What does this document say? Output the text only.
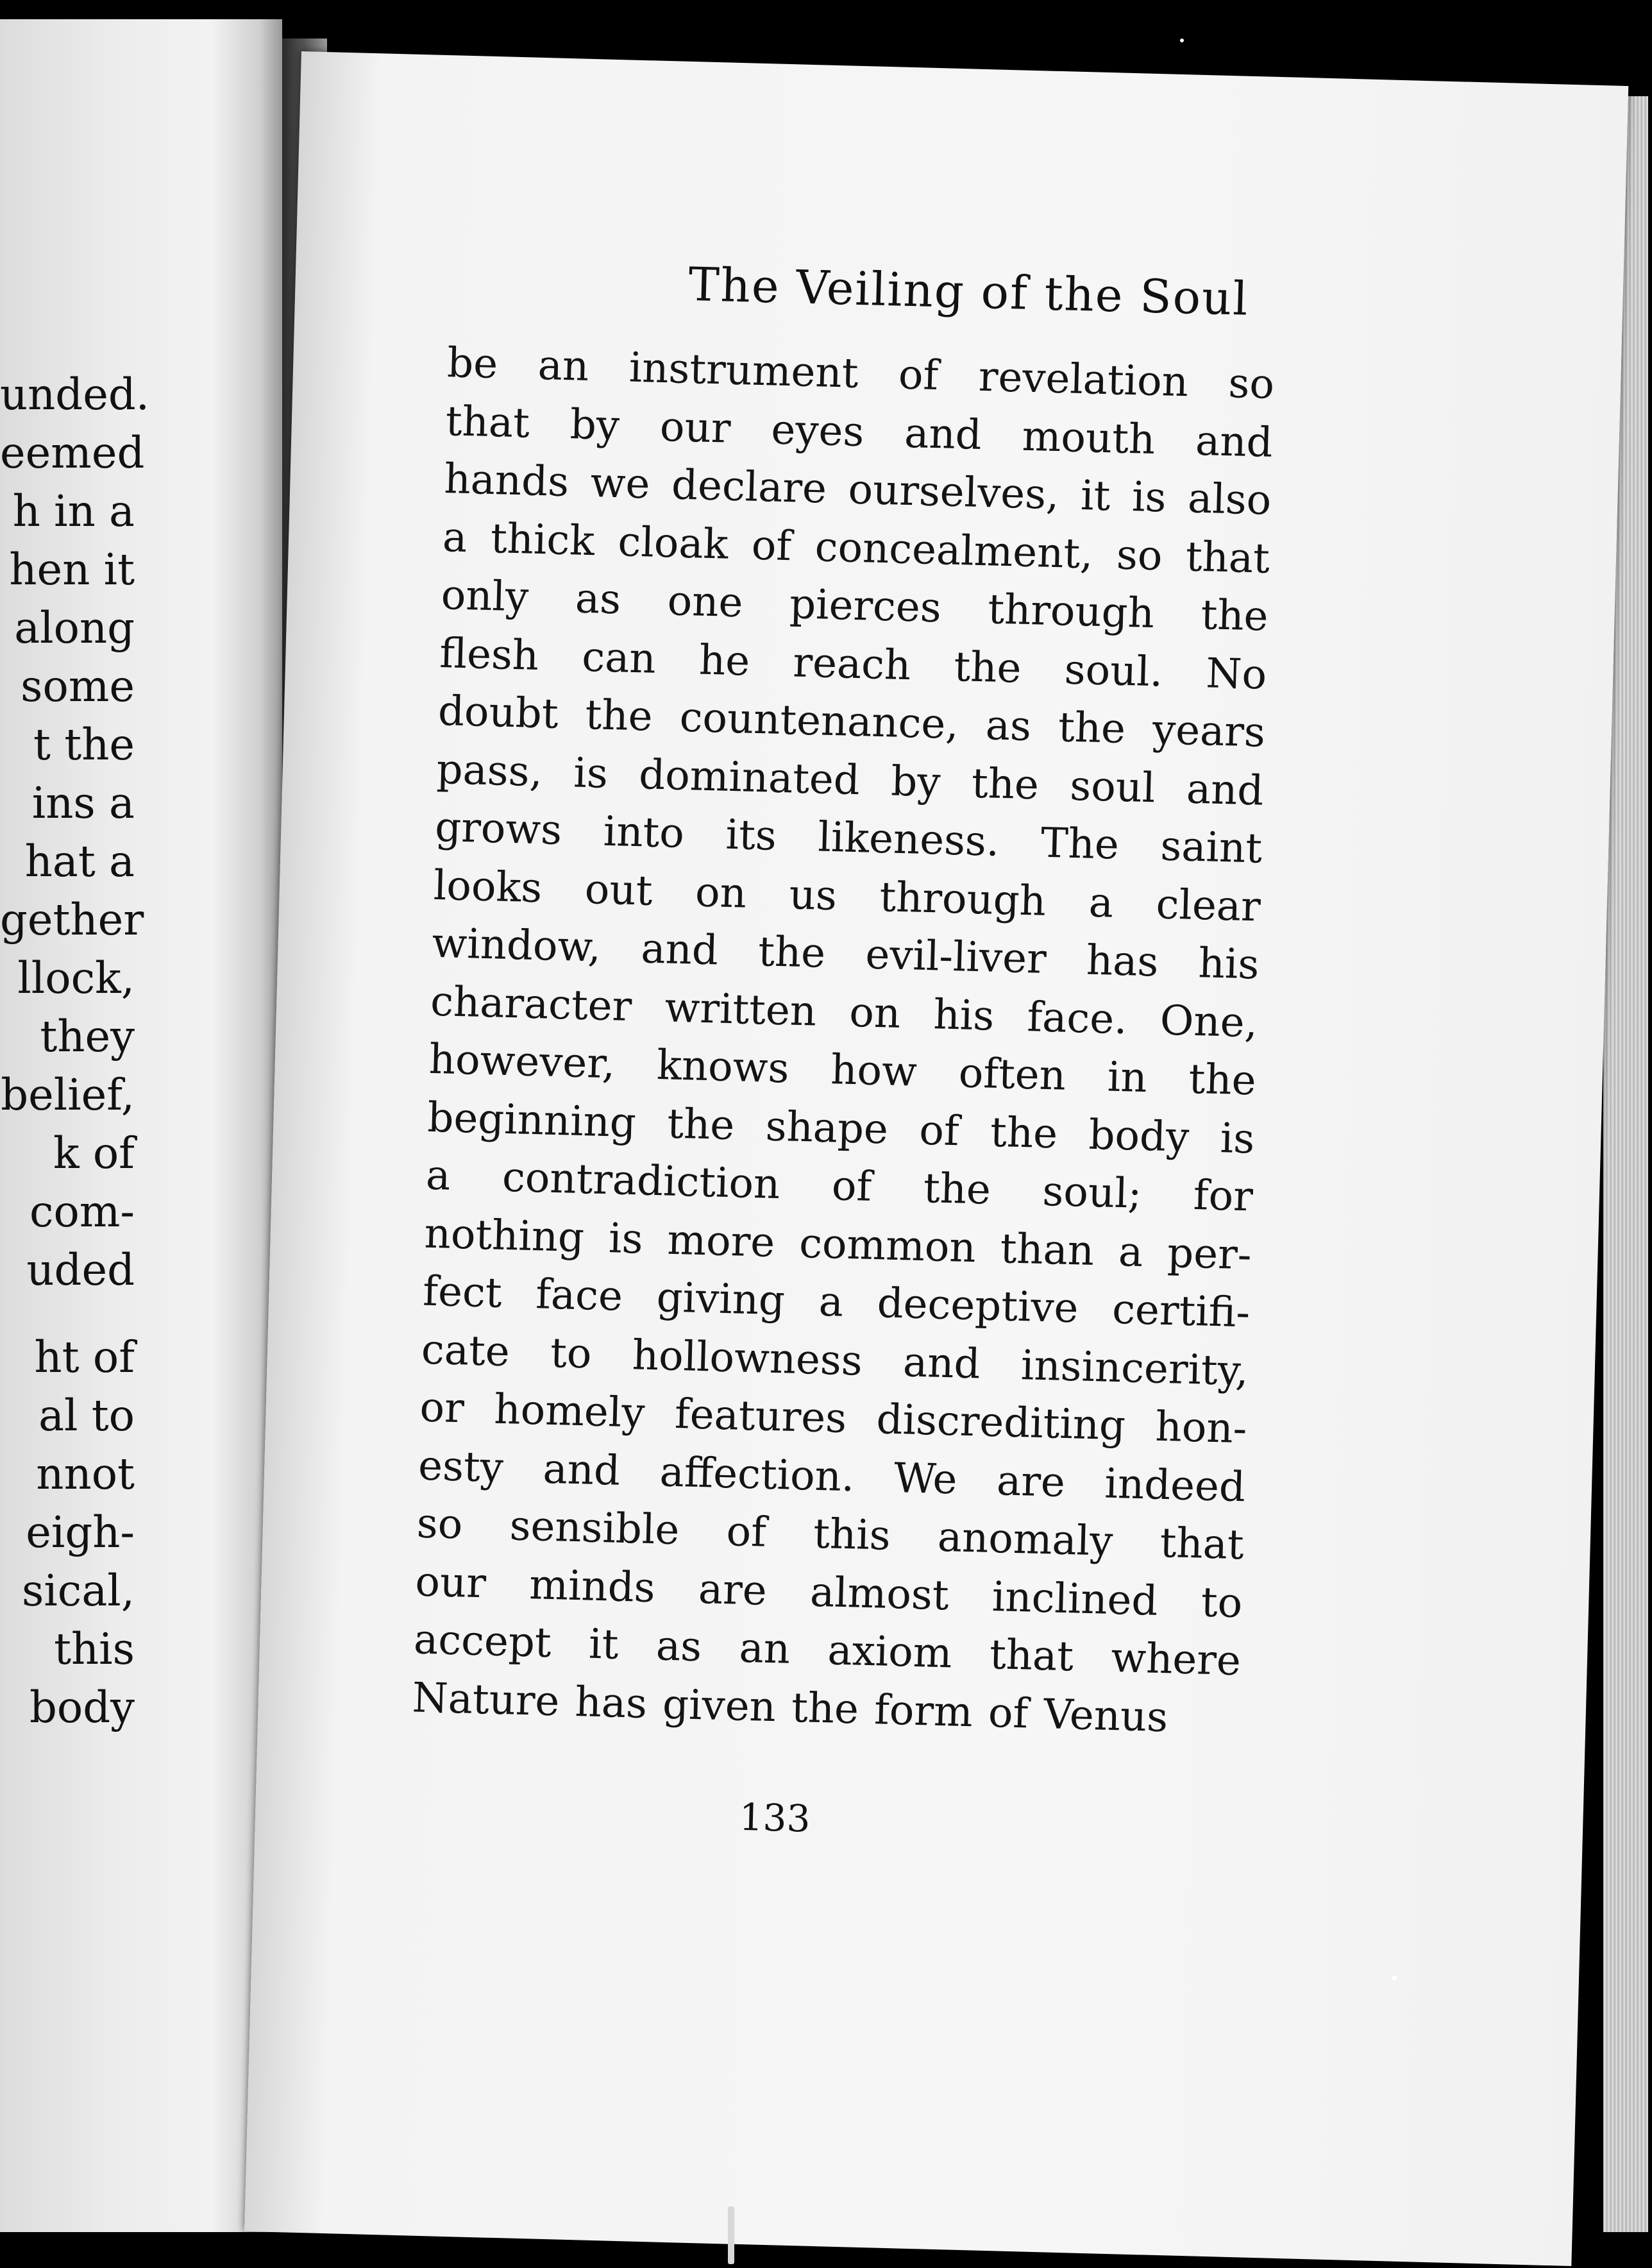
unded.
eemed
h in a
hen it
along
some
t the
ins a
hat a
gether
llock,
they
belief,
k of
com-
uded
ht of
al to
nnot
eigh-
sical,
this
body
The Veiling of the Soul
be an instrument of revelation so
that by our eyes and mouth and
hands we declare ourselves, it is also
a thick cloak of concealment, so that
only as one pierces through the
flesh can he reach the soul. No
doubt the countenance, as the years
pass, is dominated by the soul and
grows into its likeness. The saint
looks out on us through a clear
window, and the evil-liver has his
character written on his face. One,
however, knows how often in the
beginning the shape of the body is
a contradiction of the soul; for
nothing is more common than a per-
fect face giving a deceptive certifi-
cate to hollowness and insincerity,
or homely features discrediting hon-
esty and affection. We are indeed
so sensible of this anomaly that
our minds are almost inclined to
accept it as an axiom that where
Nature has given the form of Venus
133
